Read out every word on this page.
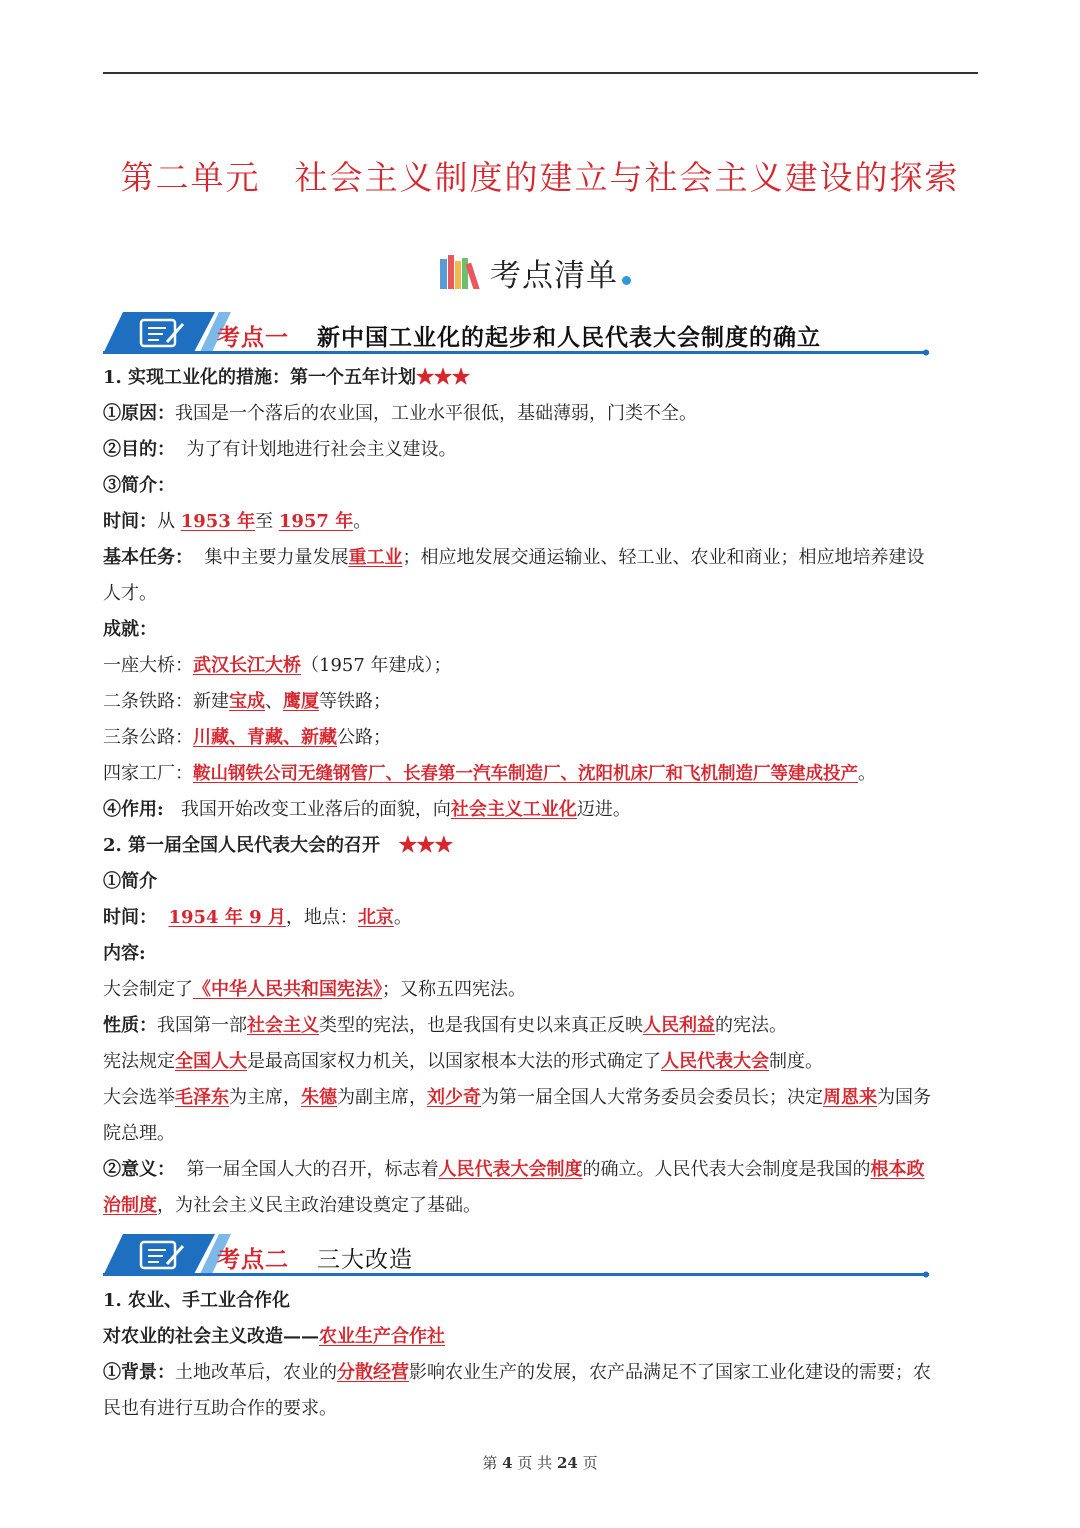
第二单元 社会主义制度的建立与社会主义建设的探索
考点清单
考点一 新中国工业化的起步和人民代表大会制度的确立
1. 实现工业化的措施：第一个五年计划★★★
①原因：我国是一个落后的农业国，工业水平很低，基础薄弱，门类不全。
②目的： 为了有计划地进行社会主义建设。
③简介：
时间：从 1953 年至 1957 年。
基本任务： 集中主要力量发展重工业；相应地发展交通运输业、轻工业、农业和商业；相应地培养建设
人才。
成就：
一座大桥：武汉长江大桥（1957 年建成）；
二条铁路：新建宝成、鹰厦等铁路；
三条公路：川藏、青藏、新藏公路；
四家工厂：鞍山钢铁公司无缝钢管厂、长春第一汽车制造厂、沈阳机床厂和飞机制造厂等建成投产。
④作用: 我国开始改变工业落后的面貌，向社会主义工业化迈进。
2. 第一届全国人民代表大会的召开 ★★★
①简介
时间： 1954 年 9 月，地点：北京。
内容:
大会制定了《中华人民共和国宪法》；又称五四宪法。
性质：我国第一部社会主义类型的宪法，也是我国有史以来真正反映人民利益的宪法。
宪法规定全国人大是最高国家权力机关，以国家根本大法的形式确定了人民代表大会制度。
大会选举毛泽东为主席，朱德为副主席，刘少奇为第一届全国人大常务委员会委员长；决定周恩来为国务
院总理。
②意义： 第一届全国人大的召开，标志着人民代表大会制度的确立。人民代表大会制度是我国的根本政
治制度，为社会主义民主政治建设奠定了基础。
考点二 三大改造
1. 农业、手工业合作化
对农业的社会主义改造——农业生产合作社
①背景：土地改革后，农业的分散经营影响农业生产的发展，农产品满足不了国家工业化建设的需要；农
民也有进行互助合作的要求。
第 4 页 共 24 页
